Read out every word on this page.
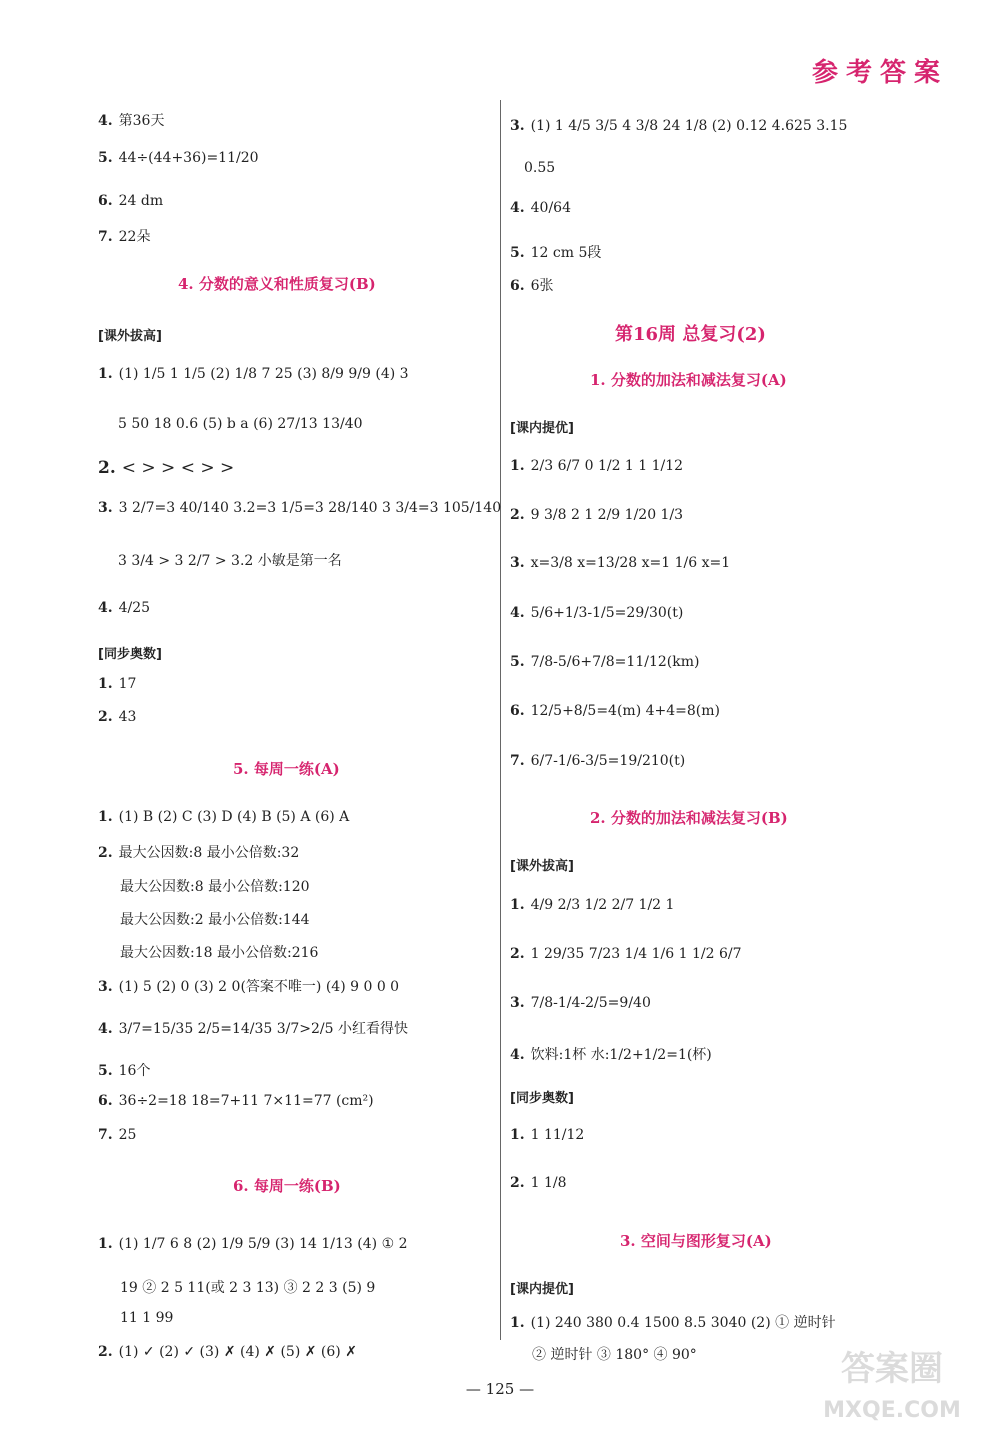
参考答案
4. 第36天
5. 44÷(44+36)=11/20
6. 24 dm
7. 22朵
4. 分数的意义和性质复习(B)
[课外拔高]
1. (1) 1/5 1 1/5 (2) 1/8 7 25 (3) 8/9 9/9 (4) 3
5 50 18 0.6 (5) b a (6) 27/13 13/40
2. < > > < > >
3. 3 2/7=3 40/140 3.2=3 1/5=3 28/140 3 3/4=3 105/140
3 3/4 > 3 2/7 > 3.2 小敏是第一名
4. 4/25
[同步奥数]
1. 17
2. 43
5. 每周一练(A)
1. (1) B (2) C (3) D (4) B (5) A (6) A
2. 最大公因数:8 最小公倍数:32
最大公因数:8 最小公倍数:120
最大公因数:2 最小公倍数:144
最大公因数:18 最小公倍数:216
3. (1) 5 (2) 0 (3) 2 0(答案不唯一) (4) 9 0 0 0
4. 3/7=15/35 2/5=14/35 3/7>2/5 小红看得快
5. 16个
6. 36÷2=18 18=7+11 7×11=77 (cm²)
7. 25
6. 每周一练(B)
1. (1) 1/7 6 8 (2) 1/9 5/9 (3) 14 1/13 (4) ① 2
19 ② 2 5 11(或 2 3 13) ③ 2 2 3 (5) 9
11 1 99
2. (1) ✓ (2) ✓ (3) ✗ (4) ✗ (5) ✗ (6) ✗
3. (1) 1 4/5 3/5 4 3/8 24 1/8 (2) 0.12 4.625 3.15
0.55
4. 40/64
5. 12 cm 5段
6. 6张
第16周 总复习(2)
1. 分数的加法和减法复习(A)
[课内提优]
1. 2/3 6/7 0 1/2 1 1 1/12
2. 9 3/8 2 1 2/9 1/20 1/3
3. x=3/8 x=13/28 x=1 1/6 x=1
4. 5/6+1/3-1/5=29/30(t)
5. 7/8-5/6+7/8=11/12(km)
6. 12/5+8/5=4(m) 4+4=8(m)
7. 6/7-1/6-3/5=19/210(t)
2. 分数的加法和减法复习(B)
[课外拔高]
1. 4/9 2/3 1/2 2/7 1/2 1
2. 1 29/35 7/23 1/4 1/6 1 1/2 6/7
3. 7/8-1/4-2/5=9/40
4. 饮料:1杯 水:1/2+1/2=1(杯)
[同步奥数]
1. 1 11/12
2. 1 1/8
3. 空间与图形复习(A)
[课内提优]
1. (1) 240 380 0.4 1500 8.5 3040 (2) ① 逆时针
② 逆时针 ③ 180° ④ 90°
— 125 —	答案圈
MXQE.COM
